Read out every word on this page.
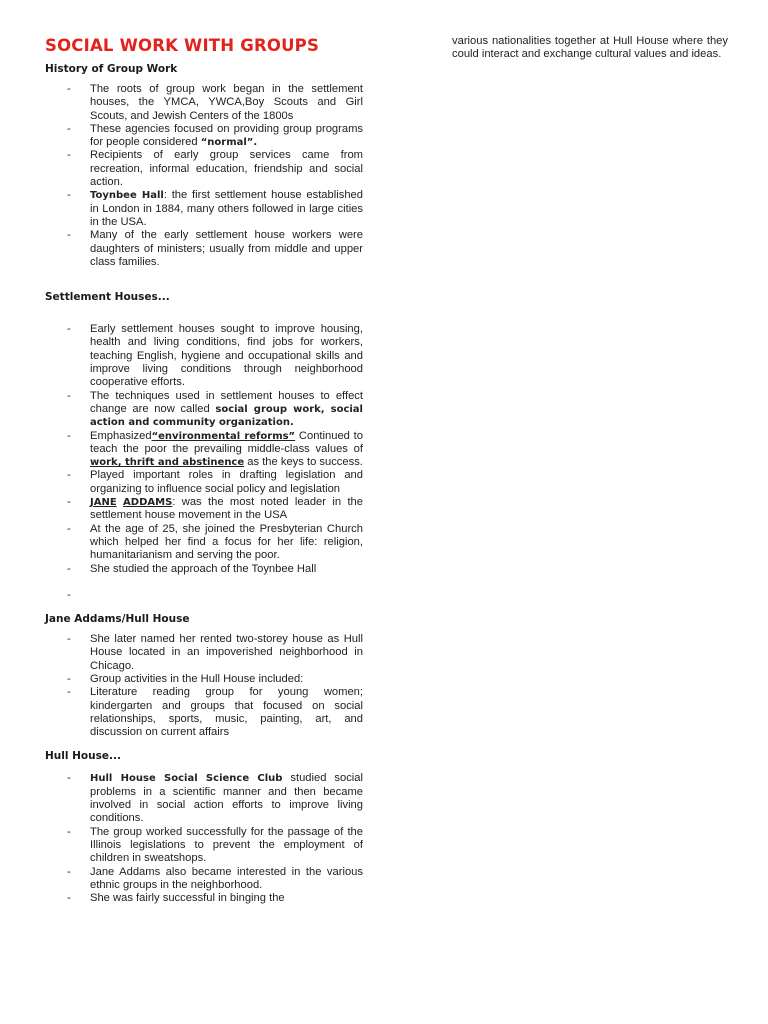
SOCIAL WORK WITH GROUPS
History of Group Work
- The roots of group work began in the settlement houses, the YMCA, YWCA,Boy Scouts and Girl Scouts, and Jewish Centers of the 1800s
- These agencies focused on providing group programs for people considered “normal”.
- Recipients of early group services came from recreation, informal education, friendship and social action.
- Toynbee Hall: the first settlement house established in London in 1884, many others followed in large cities in the USA.
- Many of the early settlement house workers were daughters of ministers; usually from middle and upper class families.
Settlement Houses...
- Early settlement houses sought to improve housing, health and living conditions, find jobs for workers, teaching English, hygiene and occupational skills and improve living conditions through neighborhood cooperative efforts.
- The techniques used in settlement houses to effect change are now called social group work, social action and community organization.
- Emphasized“environmental reforms” Continued to teach the poor the prevailing middle-class values of work, thrift and abstinence as the keys to success.
- Played important roles in drafting legislation and organizing to influence social policy and legislation
- JANE ADDAMS: was the most noted leader in the settlement house movement in the USA
- At the age of 25, she joined the Presbyterian Church which helped her find a focus for her life: religion, humanitarianism and serving the poor.
- She studied the approach of the Toynbee Hall
-

Jane Addams/Hull House
- She later named her rented two-storey house as Hull House located in an impoverished neighborhood in Chicago.
- Group activities in the Hull House included:
- Literature reading group for young women; kindergarten and groups that focused on social relationships, sports, music, painting, art, and discussion on current affairs
Hull House...
- Hull House Social Science Club studied social problems in a scientific manner and then became involved in social action efforts to improve living conditions.
- The group worked successfully for the passage of the Illinois legislations to prevent the employment of children in sweatshops.
- Jane Addams also became interested in the various ethnic groups in the neighborhood.
- She was fairly successful in binging the

various nationalities together at Hull House where they could interact and exchange cultural values and ideas.
